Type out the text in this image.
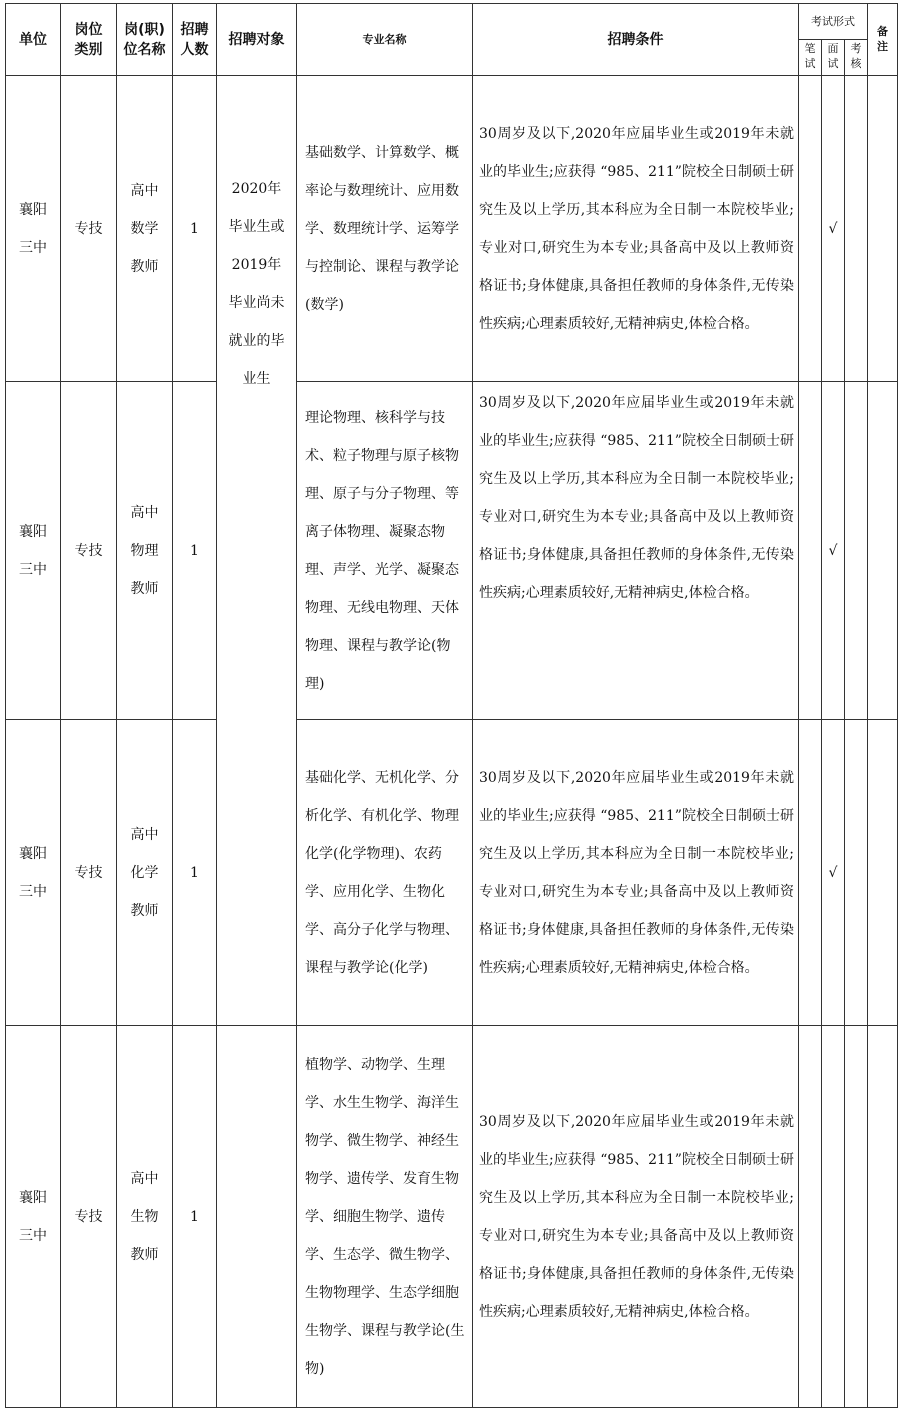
单位	岗位类别	岗(职)位名称	招聘人数	招聘对象	专业名称	招聘条件	考试形式			备注
							笔试	面试	考核	
襄阳三中	专技	高中数学教师	1	2020年毕业生或2019年毕业尚未就业的毕业生	基础数学、计算数学、概率论与数理统计、应用数学、数理统计学、运筹学与控制论、课程与教学论(数学)	30周岁及以下,2020年应届毕业生或2019年未就业的毕业生;应获得 “985、211”院校全日制硕士研究生及以上学历,其本科应为全日制一本院校毕业;专业对口,研究生为本专业;具备高中及以上教师资格证书;身体健康,具备担任教师的身体条件,无传染性疾病;心理素质较好,无精神病史,体检合格。		√		
襄阳三中	专技	高中物理教师	1		理论物理、核科学与技术、粒子物理与原子核物理、原子与分子物理、等离子体物理、凝聚态物理、声学、光学、凝聚态物理、无线电物理、天体物理、课程与教学论(物理)	30周岁及以下,2020年应届毕业生或2019年未就业的毕业生;应获得 “985、211”院校全日制硕士研究生及以上学历,其本科应为全日制一本院校毕业;专业对口,研究生为本专业;具备高中及以上教师资格证书;身体健康,具备担任教师的身体条件,无传染性疾病;心理素质较好,无精神病史,体检合格。		√		
襄阳三中	专技	高中化学教师	1		基础化学、无机化学、分析化学、有机化学、物理化学(化学物理)、农药学、应用化学、生物化学、高分子化学与物理、课程与教学论(化学)	30周岁及以下,2020年应届毕业生或2019年未就业的毕业生;应获得 “985、211”院校全日制硕士研究生及以上学历,其本科应为全日制一本院校毕业;专业对口,研究生为本专业;具备高中及以上教师资格证书;身体健康,具备担任教师的身体条件,无传染性疾病;心理素质较好,无精神病史,体检合格。		√		
襄阳三中	专技	高中生物教师	1		植物学、动物学、生理学、水生生物学、海洋生物学、微生物学、神经生物学、遗传学、发育生物学、细胞生物学、遗传学、生态学、微生物学、生物物理学、生态学细胞生物学、课程与教学论(生物)	30周岁及以下,2020年应届毕业生或2019年未就业的毕业生;应获得 “985、211”院校全日制硕士研究生及以上学历,其本科应为全日制一本院校毕业;专业对口,研究生为本专业;具备高中及以上教师资格证书;身体健康,具备担任教师的身体条件,无传染性疾病;心理素质较好,无精神病史,体检合格。				
